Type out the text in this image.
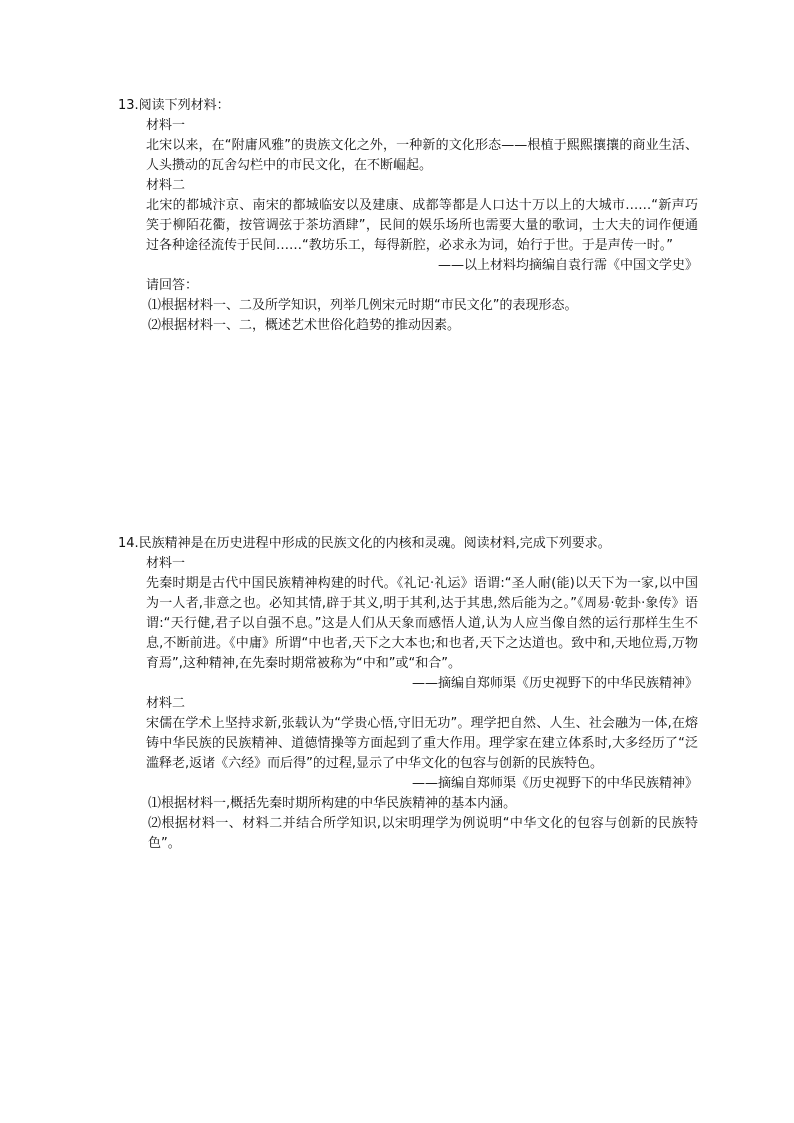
13.阅读下列材料：
材料一
北宋以来，在“附庸风雅”的贵族文化之外，一种新的文化形态——根植于熙熙攘攘的商业生活、人头攒动的瓦舍勾栏中的市民文化，在不断崛起。
材料二
北宋的都城汴京、南宋的都城临安以及建康、成都等都是人口达十万以上的大城市……“新声巧笑于柳陌花衢，按管调弦于茶坊酒肆”，民间的娱乐场所也需要大量的歌词，士大夫的词作便通过各种途径流传于民间……“教坊乐工，每得新腔，必求永为词，始行于世。于是声传一时。”
——以上材料均摘编自袁行霈《中国文学史》
请回答：
⑴根据材料一、二及所学知识，列举几例宋元时期“市民文化”的表现形态。
⑵根据材料一、二，概述艺术世俗化趋势的推动因素。
14.民族精神是在历史进程中形成的民族文化的内核和灵魂。阅读材料,完成下列要求。
材料一
先秦时期是古代中国民族精神构建的时代。《礼记·礼运》语谓:“圣人耐(能)以天下为一家,以中国为一人者,非意之也。必知其情,辟于其义,明于其利,达于其患,然后能为之。”《周易·乾卦·象传》语谓:“天行健,君子以自强不息。”这是人们从天象而感悟人道,认为人应当像自然的运行那样生生不息,不断前进。《中庸》所谓“中也者,天下之大本也;和也者,天下之达道也。致中和,天地位焉,万物育焉”,这种精神,在先秦时期常被称为“中和”或“和合”。
——摘编自郑师渠《历史视野下的中华民族精神》
材料二
宋儒在学术上坚持求新,张载认为“学贵心悟,守旧无功”。理学把自然、人生、社会融为一体,在熔铸中华民族的民族精神、道德情操等方面起到了重大作用。理学家在建立体系时,大多经历了“泛滥释老,返诸《六经》而后得”的过程,显示了中华文化的包容与创新的民族特色。
——摘编自郑师渠《历史视野下的中华民族精神》
⑴根据材料一,概括先秦时期所构建的中华民族精神的基本内涵。
⑵根据材料一、材料二并结合所学知识,以宋明理学为例说明“中华文化的包容与创新的民族特色”。
